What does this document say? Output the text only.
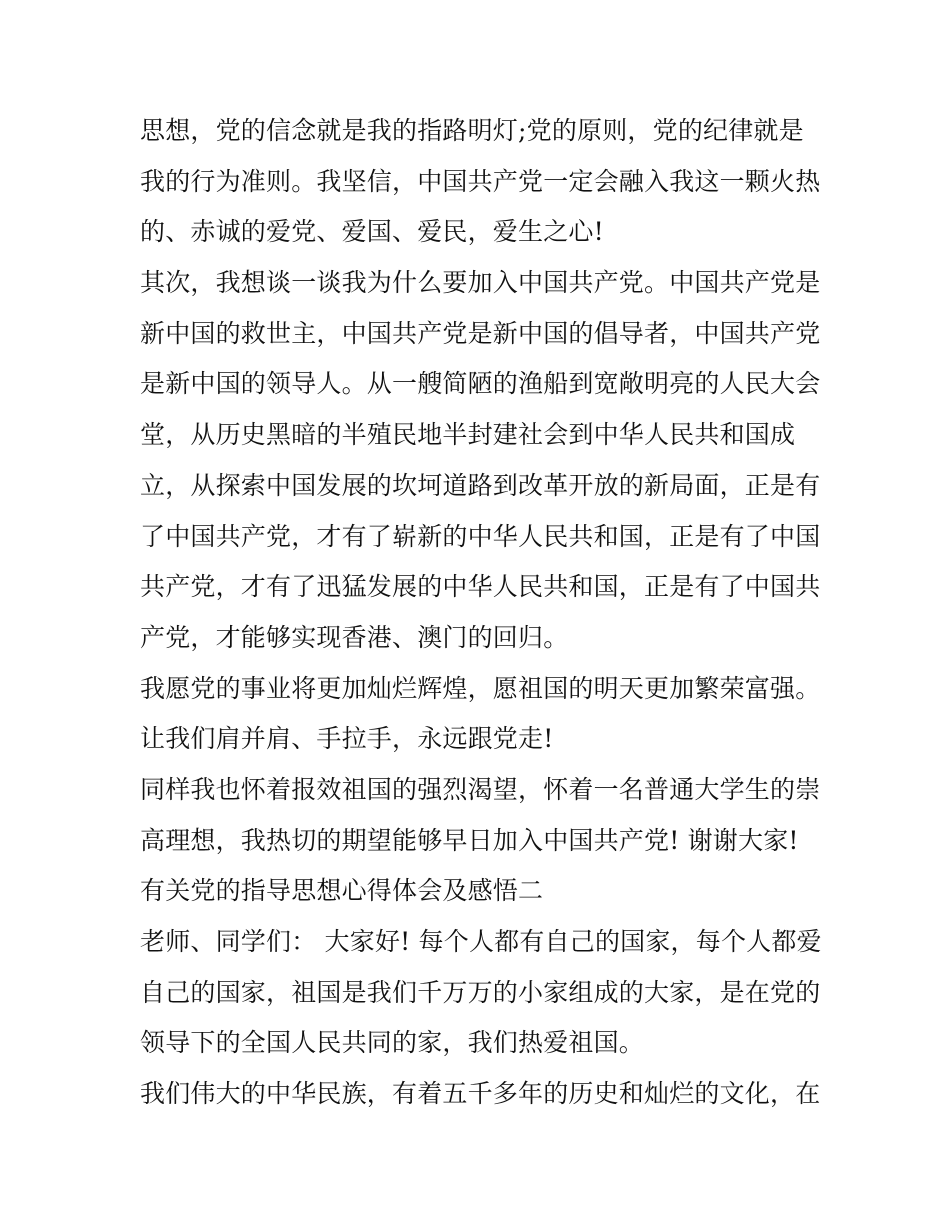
思想，党的信念就是我的指路明灯;党的原则，党的纪律就是
我的行为准则。我坚信，中国共产党一定会融入我这一颗火热
的、赤诚的爱党、爱国、爱民，爱生之心!
其次，我想谈一谈我为什么要加入中国共产党。中国共产党是
新中国的救世主，中国共产党是新中国的倡导者，中国共产党
是新中国的领导人。从一艘简陋的渔船到宽敞明亮的人民大会
堂，从历史黑暗的半殖民地半封建社会到中华人民共和国成
立，从探索中国发展的坎坷道路到改革开放的新局面，正是有
了中国共产党，才有了崭新的中华人民共和国，正是有了中国
共产党，才有了迅猛发展的中华人民共和国，正是有了中国共
产党，才能够实现香港、澳门的回归。
我愿党的事业将更加灿烂辉煌，愿祖国的明天更加繁荣富强。
让我们肩并肩、手拉手，永远跟党走!
同样我也怀着报效祖国的强烈渴望，怀着一名普通大学生的崇
高理想，我热切的期望能够早日加入中国共产党! 谢谢大家!
有关党的指导思想心得体会及感悟二
老师、同学们： 大家好! 每个人都有自己的国家，每个人都爱
自己的国家，祖国是我们千万万的小家组成的大家，是在党的
领导下的全国人民共同的家，我们热爱祖国。
我们伟大的中华民族，有着五千多年的历史和灿烂的文化，在
